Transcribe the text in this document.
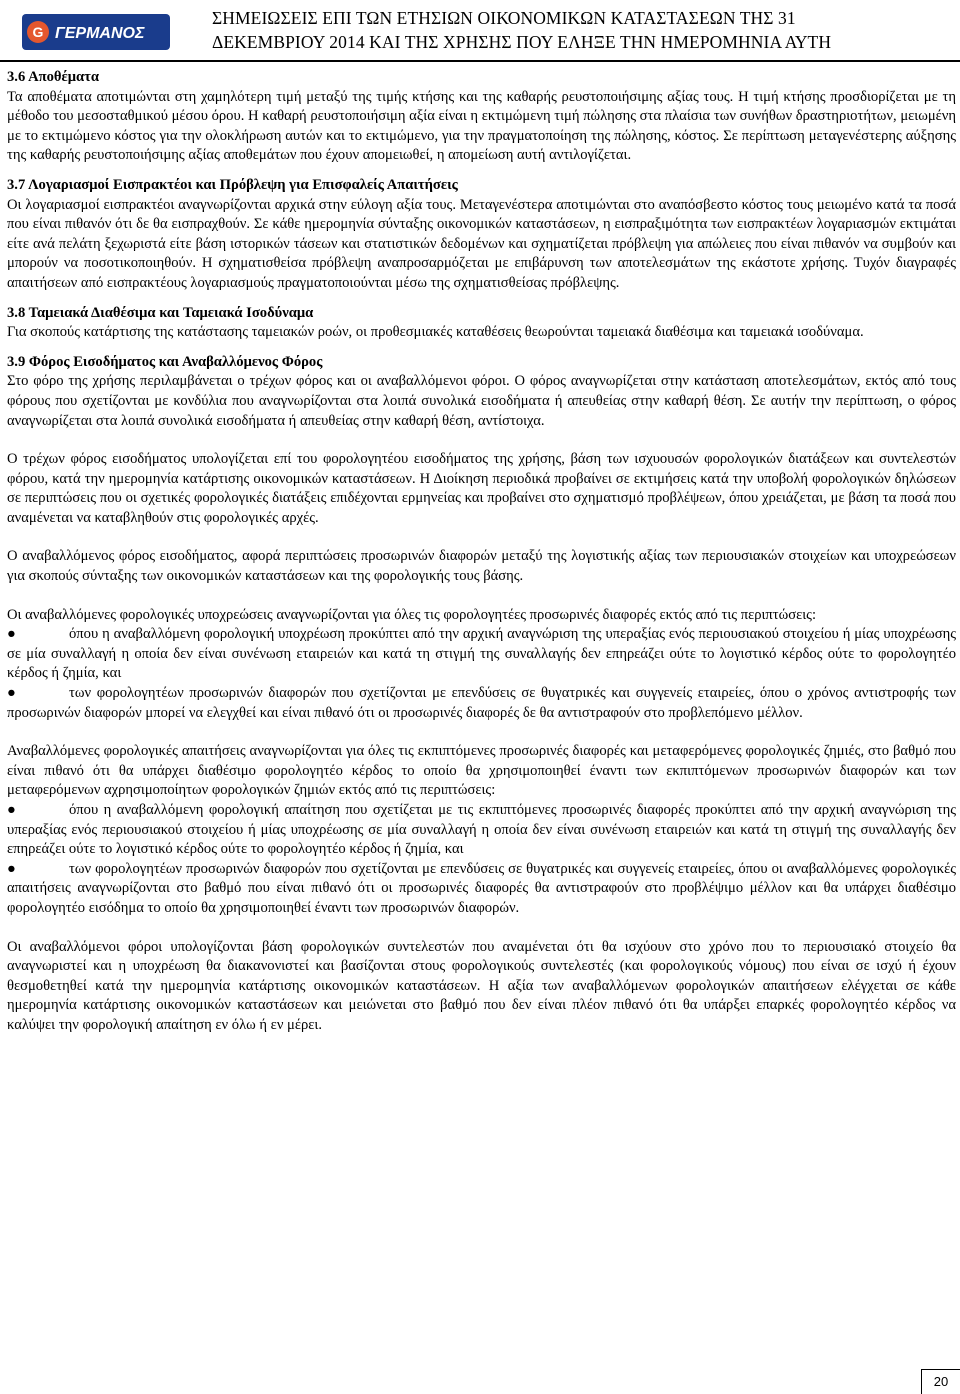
G ΓΕΡΜΑΝΟΣ
ΣΗΜΕΙΩΣΕΙΣ ΕΠΙ ΤΩΝ ΕΤΗΣΙΩΝ ΟΙΚΟΝΟΜΙΚΩΝ ΚΑΤΑΣΤΑΣΕΩΝ ΤΗΣ 31
ΔΕΚΕΜΒΡΙΟΥ 2014 ΚΑΙ ΤΗΣ ΧΡΗΣΗΣ ΠΟΥ ΕΛΗΞΕ ΤΗΝ ΗΜΕΡΟΜΗΝΙΑ ΑΥΤΗ

3.6 Αποθέματα

Τα αποθέματα αποτιμώνται στη χαμηλότερη τιμή μεταξύ της τιμής κτήσης και της καθαρής ρευστοποιήσιμης αξίας τους. Η τιμή κτήσης προσδιορίζεται με τη μέθοδο του μεσοσταθμικού μέσου όρου. Η καθαρή ρευστοποιήσιμη αξία είναι η εκτιμώμενη τιμή πώλησης στα πλαίσια των συνήθων δραστηριοτήτων, μειωμένη με το εκτιμώμενο κόστος για την ολοκλήρωση αυτών και το εκτιμώμενο, για την πραγματοποίηση της πώλησης, κόστος. Σε περίπτωση μεταγενέστερης αύξησης της καθαρής ρευστοποιήσιμης αξίας αποθεμάτων που έχουν απομειωθεί, η απομείωση αυτή αντιλογίζεται.

3.7 Λογαριασμοί Εισπρακτέοι και Πρόβλεψη για Επισφαλείς Απαιτήσεις

Οι λογαριασμοί εισπρακτέοι αναγνωρίζονται αρχικά στην εύλογη αξία τους. Μεταγενέστερα αποτιμώνται στο αναπόσβεστο κόστος τους μειωμένο κατά τα ποσά που είναι πιθανόν ότι δε θα εισπραχθούν. Σε κάθε ημερομηνία σύνταξης οικονομικών καταστάσεων, η εισπραξιμότητα των εισπρακτέων λογαριασμών εκτιμάται είτε ανά πελάτη ξεχωριστά είτε βάση ιστορικών τάσεων και στατιστικών δεδομένων και σχηματίζεται πρόβλεψη για απώλειες που είναι πιθανόν να συμβούν και μπορούν να ποσοτικοποιηθούν. Η σχηματισθείσα πρόβλεψη αναπροσαρμόζεται με επιβάρυνση των αποτελεσμάτων της εκάστοτε χρήσης. Τυχόν διαγραφές απαιτήσεων από εισπρακτέους λογαριασμούς πραγματοποιούνται μέσω της σχηματισθείσας πρόβλεψης.

3.8 Ταμειακά Διαθέσιμα και Ταμειακά Ισοδύναμα

Για σκοπούς κατάρτισης της κατάστασης ταμειακών ροών, οι προθεσμιακές καταθέσεις θεωρούνται ταμειακά διαθέσιμα και ταμειακά ισοδύναμα.

3.9 Φόρος Εισοδήματος και Αναβαλλόμενος Φόρος

Στο φόρο της χρήσης περιλαμβάνεται ο τρέχων φόρος και οι αναβαλλόμενοι φόροι. Ο φόρος αναγνωρίζεται στην κατάσταση αποτελεσμάτων, εκτός από τους φόρους που σχετίζονται με κονδύλια που αναγνωρίζονται στα λοιπά συνολικά εισοδήματα ή απευθείας στην καθαρή θέση. Σε αυτήν την περίπτωση, ο φόρος αναγνωρίζεται στα λοιπά συνολικά εισοδήματα ή απευθείας στην καθαρή θέση, αντίστοιχα.

Ο τρέχων φόρος εισοδήματος υπολογίζεται επί του φορολογητέου εισοδήματος της χρήσης, βάση των ισχυουσών φορολογικών διατάξεων και συντελεστών φόρου, κατά την ημερομηνία κατάρτισης οικονομικών καταστάσεων. Η Διοίκηση περιοδικά προβαίνει σε εκτιμήσεις κατά την υποβολή φορολογικών δηλώσεων σε περιπτώσεις που οι σχετικές φορολογικές διατάξεις επιδέχονται ερμηνείας και προβαίνει στο σχηματισμό προβλέψεων, όπου χρειάζεται, με βάση τα ποσά που αναμένεται να καταβληθούν στις φορολογικές αρχές.

Ο αναβαλλόμενος φόρος εισοδήματος, αφορά περιπτώσεις προσωρινών διαφορών μεταξύ της λογιστικής αξίας των περιουσιακών στοιχείων και υποχρεώσεων για σκοπούς σύνταξης των οικονομικών καταστάσεων και της φορολογικής τους βάσης.

Οι αναβαλλόμενες φορολογικές υποχρεώσεις αναγνωρίζονται για όλες τις φορολογητέες προσωρινές διαφορές εκτός από τις περιπτώσεις:

●	όπου η αναβαλλόμενη φορολογική υποχρέωση προκύπτει από την αρχική αναγνώριση της υπεραξίας ενός περιουσιακού στοιχείου ή μίας υποχρέωσης σε μία συναλλαγή η οποία δεν είναι συνένωση εταιρειών και κατά τη στιγμή της συναλλαγής δεν επηρεάζει ούτε το λογιστικό κέρδος ούτε το φορολογητέο κέρδος ή ζημία, και

●	των φορολογητέων προσωρινών διαφορών που σχετίζονται με επενδύσεις σε θυγατρικές και συγγενείς εταιρείες, όπου ο χρόνος αντιστροφής των προσωρινών διαφορών μπορεί να ελεγχθεί και είναι πιθανό ότι οι προσωρινές διαφορές δε θα αντιστραφούν στο προβλεπόμενο μέλλον.

Αναβαλλόμενες φορολογικές απαιτήσεις αναγνωρίζονται για όλες τις εκπιπτόμενες προσωρινές διαφορές και μεταφερόμενες φορολογικές ζημιές, στο βαθμό που είναι πιθανό ότι θα υπάρχει διαθέσιμο φορολογητέο κέρδος το οποίο θα χρησιμοποιηθεί έναντι των εκπιπτόμενων προσωρινών διαφορών και των μεταφερόμενων αχρησιμοποίητων φορολογικών ζημιών εκτός από τις περιπτώσεις:

●	όπου η αναβαλλόμενη φορολογική απαίτηση που σχετίζεται με τις εκπιπτόμενες προσωρινές διαφορές προκύπτει από την αρχική αναγνώριση της υπεραξίας ενός περιουσιακού στοιχείου ή μίας υποχρέωσης σε μία συναλλαγή η οποία δεν είναι συνένωση εταιρειών και κατά τη στιγμή της συναλλαγής δεν επηρεάζει ούτε το λογιστικό κέρδος ούτε το φορολογητέο κέρδος ή ζημία, και

●	των φορολογητέων προσωρινών διαφορών που σχετίζονται με επενδύσεις σε θυγατρικές και συγγενείς εταιρείες, όπου οι αναβαλλόμενες φορολογικές απαιτήσεις αναγνωρίζονται στο βαθμό που είναι πιθανό ότι οι προσωρινές διαφορές θα αντιστραφούν στο προβλέψιμο μέλλον και θα υπάρχει διαθέσιμο φορολογητέο εισόδημα το οποίο θα χρησιμοποιηθεί έναντι των προσωρινών διαφορών.

Οι αναβαλλόμενοι φόροι υπολογίζονται βάση φορολογικών συντελεστών που αναμένεται ότι θα ισχύουν στο χρόνο που το περιουσιακό στοιχείο θα αναγνωριστεί και η υποχρέωση θα διακανονιστεί και βασίζονται στους φορολογικούς συντελεστές (και φορολογικούς νόμους) που είναι σε ισχύ ή έχουν θεσμοθετηθεί κατά την ημερομηνία κατάρτισης οικονομικών καταστάσεων. Η αξία των αναβαλλόμενων φορολογικών απαιτήσεων ελέγχεται σε κάθε ημερομηνία κατάρτισης οικονομικών καταστάσεων και μειώνεται στο βαθμό που δεν είναι πλέον πιθανό ότι θα υπάρξει επαρκές φορολογητέο κέρδος να καλύψει την φορολογική απαίτηση εν όλω ή εν μέρει.

20
